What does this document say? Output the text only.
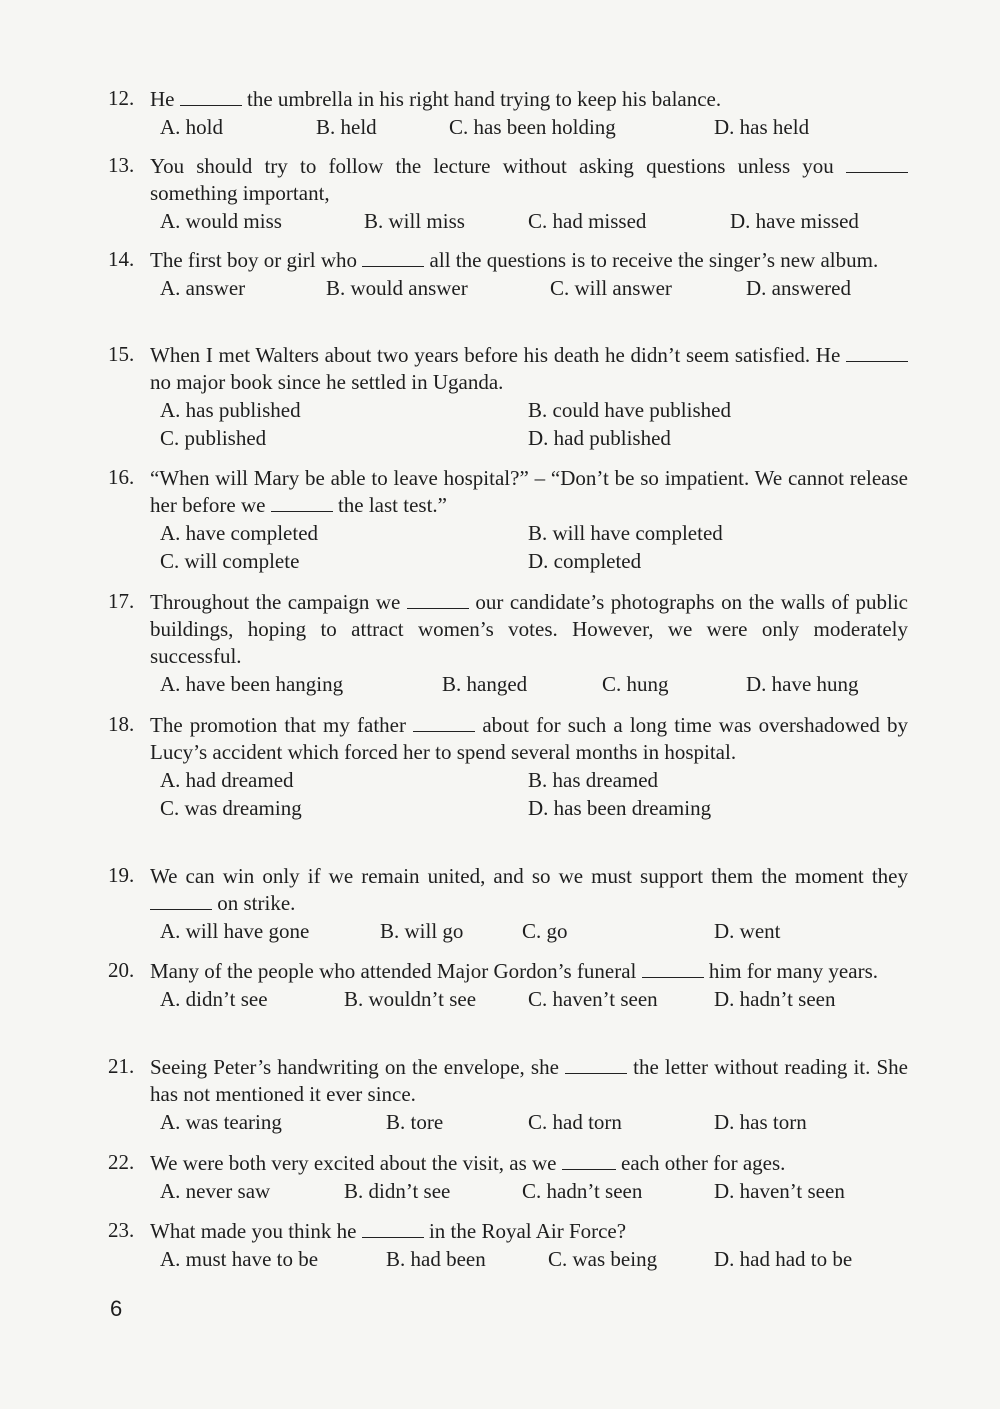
12. He	the umbrella in his right hand trying to keep his balance.
A. hold	B. held	C. has been holding	D. has held
13. You should try to follow the lecture without asking questions unless you  something important,
A. would miss	B. will miss	C. had missed	D. have missed
14. The first boy or girl who	all the questions is to receive the singer’s new album.
A. answer	B. would answer	C. will answer	D. answered
15. When I met Walters about two years before his death he didn’t seem satisfied. He  no major book since he settled in Uganda.
A. has published	B. could have published
C. published	D. had published
16. “When will Mary be able to leave hospital?” – “Don’t be so impatient. We cannot release her before we	the last test.”
A. have completed	B. will have completed
C. will complete	D. completed
17. Throughout the campaign we	our candidate’s photographs on the walls of public buildings, hoping to attract women’s votes. However, we were only moderately successful.
A. have been hanging	B. hanged	C. hung	D. have hung
18. The promotion that my father	about for such a long time was overshadowed by Lucy’s accident which forced her to spend several months in hospital.
A. had dreamed	B. has dreamed
C. was dreaming	D. has been dreaming
19. We can win only if we remain united, and so we must support them the moment they  on strike.
A. will have gone	B. will go	C. go	D. went
20. Many of the people who attended Major Gordon’s funeral	him for many years.
A. didn’t see	B. wouldn’t see C. haven’t seen	D. hadn’t seen
21. Seeing Peter’s handwriting on the envelope, she	the letter without reading it. She has not mentioned it ever since.
A. was tearing	B. tore	C. had torn	D. has torn
22. We were both very excited about the visit, as we	each other for ages.
A. never saw	B. didn’t see	C. hadn’t seen	D. haven’t seen
23. What made you think he	in the Royal Air Force?
A. must have to be	B. had been	C. was being	D. had had to be
6
